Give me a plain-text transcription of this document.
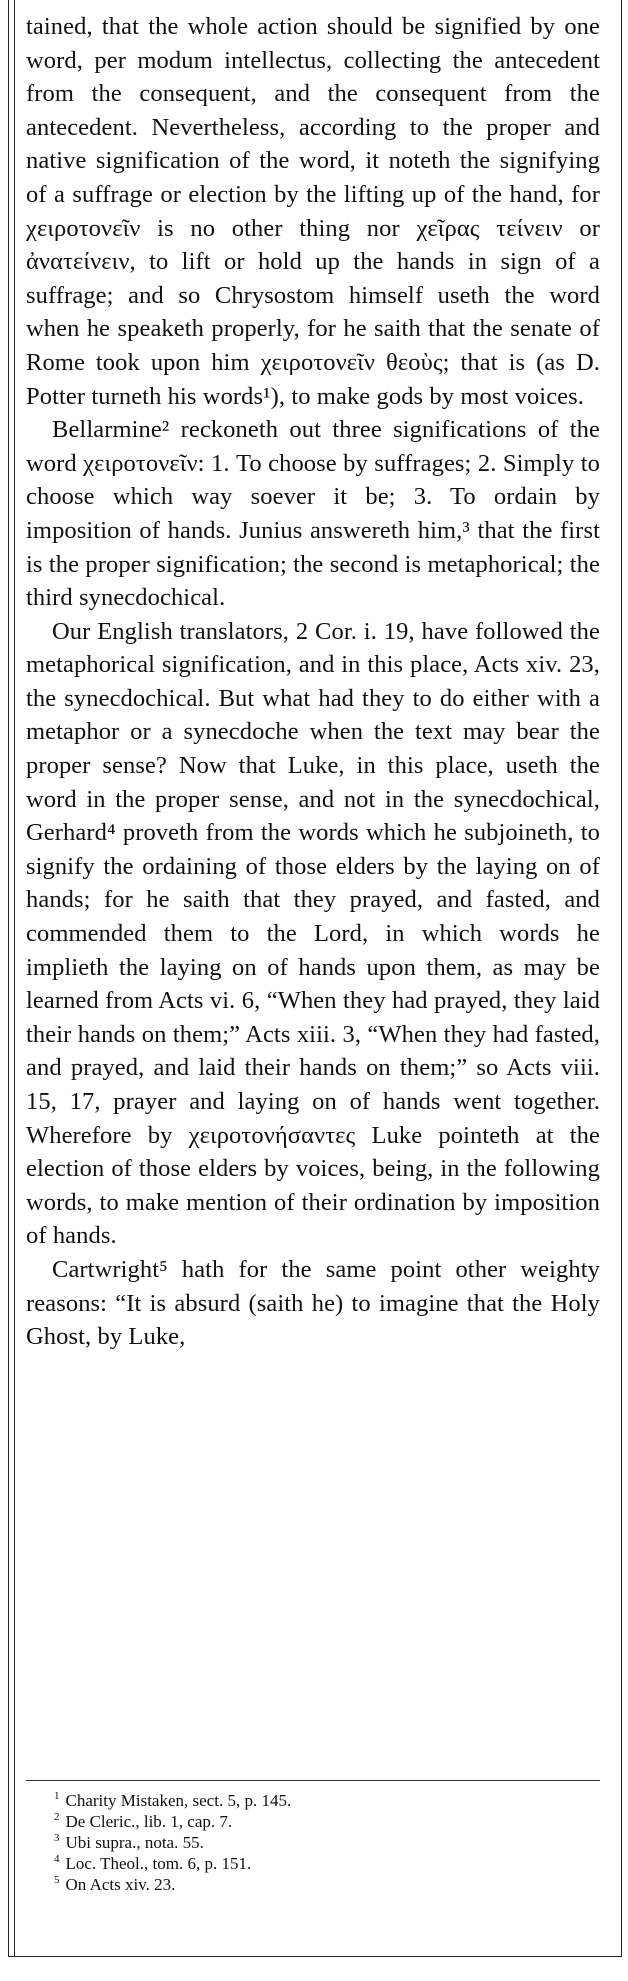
tained, that the whole action should be signified by one word, per modum intellectus, collecting the antecedent from the consequent, and the consequent from the antecedent. Nevertheless, according to the proper and native signification of the word, it noteth the signifying of a suffrage or election by the lifting up of the hand, for χειροτονεῖν is no other thing nor χεῖρας τείνειν or ἀνατείνειν, to lift or hold up the hands in sign of a suffrage; and so Chrysostom himself useth the word when he speaketh properly, for he saith that the senate of Rome took upon him χειροτονεῖν θεοὺς; that is (as D. Potter turneth his words¹), to make gods by most voices.

Bellarmine² reckoneth out three significations of the word χειροτονεῖν: 1. To choose by suffrages; 2. Simply to choose which way soever it be; 3. To ordain by imposition of hands. Junius answereth him,³ that the first is the proper signification; the second is metaphorical; the third synecdochical.

Our English translators, 2 Cor. i. 19, have followed the metaphorical signification, and in this place, Acts xiv. 23, the synecdochical. But what had they to do either with a metaphor or a synecdoche when the text may bear the proper sense? Now that Luke, in this place, useth the word in the proper sense, and not in the synecdochical, Gerhard⁴ proveth from the words which he subjoineth, to signify the ordaining of those elders by the laying on of hands; for he saith that they prayed, and fasted, and commended them to the Lord, in which words he implieth the laying on of hands upon them, as may be learned from Acts vi. 6, “When they had prayed, they laid their hands on them;” Acts xiii. 3, “When they had fasted, and prayed, and laid their hands on them;” so Acts viii. 15, 17, prayer and laying on of hands went together. Wherefore by χειροτονήσαντες Luke pointeth at the election of those elders by voices, being, in the following words, to make mention of their ordination by imposition of hands.

Cartwright⁵ hath for the same point other weighty reasons: “It is absurd (saith he) to imagine that the Holy Ghost, by Luke,

$^1$ Charity Mistaken, sect. 5, p. 145.
$^2$ De Cleric., lib. 1, cap. 7.
$^3$ Ubi supra., nota. 55.
$^4$ Loc. Theol., tom. 6, p. 151.
$^5$ On Acts xiv. 23.
